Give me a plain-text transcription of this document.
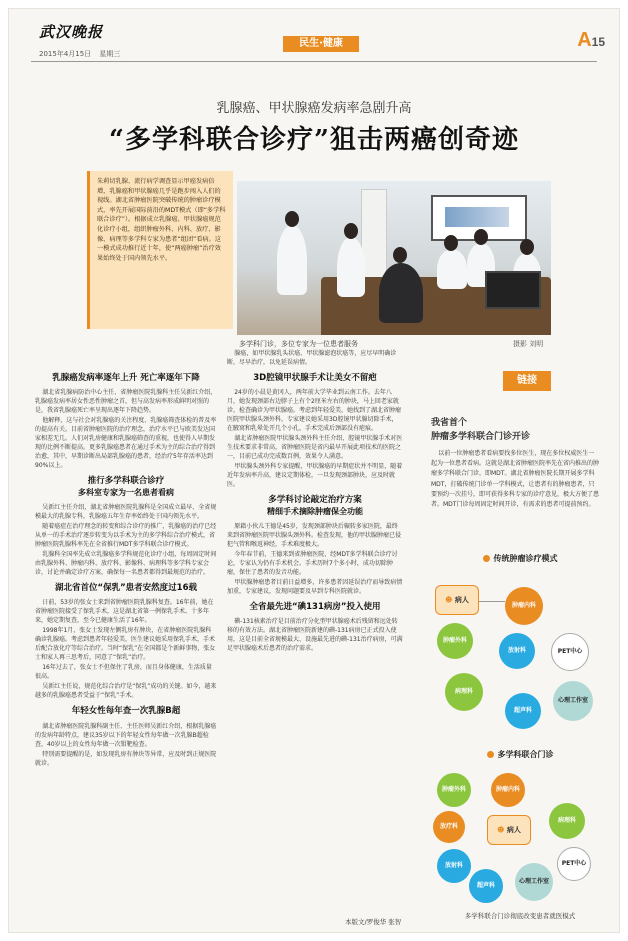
武汉晚报
2015年4月15日 星期三
民生·健康	A15
乳腺癌、甲状腺癌发病率急剧升高
“多学科联合诊疗”狙击两癌创奇迹
朱莉切乳腺、流行病学调查显示甲癌发病倍增，乳腺癌和甲状腺癌几乎是跑步闯入人们的视线。湖北省肿瘤医院突破传统的肿瘤诊疗模式，率先开展国际前沿的MDT模式（即“多学科联合诊疗”）。根据成立乳腺癌、甲状腺癌规范化诊疗小组，组织肿瘤外科、内科、放疗、影像、病理等多学科专家为患者“组团”看病。这一模式成功推行近十年，使“两癌肿瘤”治疗效果始终处于国内领先水平。
多学科门诊，多位专家为一位患者服务	摄影 刘明
乳腺癌发病率逐年上升 死亡率逐年下降

湖北省乳腺病防治中心主任、省肿瘤医院乳腺科主任吴新红介绍，乳腺癌发病率居女性恶性肿瘤之首，但与高发病率形成鲜明对照的是，我省乳腺癌死亡率呈现出逐年下降趋势。

他解释，这与社会对乳腺癌的关注程度、乳腺癌筛查体检的普及率的提高有关。目前省肿瘤医院的治疗理念，治疗水平已与欧美发达国家相差无几。人们对乳房健康和乳腺癌筛查的重视，也使得人早期发现的比例不断提高。更多乳腺癌患者在通过手术为主的综合治疗得到治愈，其中，早期诊断出局部乳腺癌的患者，经治疗5年存活率达到90%以上。

推行多学科联合诊疗
多科室专家为一名患者看病

吴新红主任介绍，湖北省肿瘤医院乳腺科是全国成立最早、全省规模最大的乳腺专科，乳腺癌五年生存率始终处于国内领先水平。

随着癌症在治疗理念的转变和综合诊疗的推广，乳腺癌的治疗已经从单一的手术治疗逐步转变为以手术为主的多学科综合治疗模式，省肿瘤医院乳腺科率先在全省推行MDT多学科联合诊疗模式。

乳腺科全国率先成立乳腺癌多学科规范化诊疗小组，每周固定时间由乳腺外科、肿瘤内科、放疗科、影像科、病理科等多学科专家会诊，讨论并确定诊疗方案，确保每一名患者都得到最规范的治疗。

湖北省首位“保乳”患者安然度过16载

日前，53岁的张女士来到省肿瘤医院乳腺科复查。16年前，她在省肿瘤医院接受了保乳手术，这是湖北省第一例保乳手术。十多年来，她定期复查，至今已健康生活了16年。

1998年1月，张女士发现左侧乳房有肿块，在省肿瘤医院乳腺科确诊乳腺癌。考虑到患者年轻爱美，医生建议她采用保乳手术，手术后配合放化疗等综合治疗。当时“保乳”在全国都是个新鲜事物，张女士和家人再三思考后，同意了“保乳”治疗。

16年过去了，张女士不但保住了乳房，而且身体健康，生活质量很高。

吴新红主任说，规范化综合治疗是“保乳”成功的关键。如今，越来越多的乳腺癌患者受益于“保乳”手术。

年轻女性每年查一次乳腺B超

湖北省肿瘤医院乳腺科副主任、主任医师吴新红介绍，根据乳腺癌的发病年龄特点，建议35岁以下的年轻女性每年做一次乳腺B超检查，40岁以上的女性每年做一次钼靶检查。

特别需要提醒的是，如发现乳房有肿块等异常，应及时到正规医院就诊。

腺癌，如甲状腺乳头状癌、甲状腺滤泡状癌等，应尽早明确诊断，尽早治疗，以免延误病情。

3D腔镜甲状腺手术让美女不留疤

24岁的小晨是黄冈人，两年前大学毕业到云南工作。去年八月，她发现颈部右边脖子上有个2厘米左右的肿块，马上回老家就诊，检查确诊为甲状腺癌。考虑到年轻爱美，她找到了湖北省肿瘤医院甲状腺头颈外科，专家建议她采用3D腔镜甲状腺切除手术，在腋窝和乳晕处开几个小孔，手术完成后颈部没有疤痕。

湖北省肿瘤医院甲状腺头颈外科主任介绍，腔镜甲状腺手术对医生技术要求非常高，省肿瘤医院是省内最早开展此项技术的医院之一，目前已成功完成数百例，效果令人满意。

甲状腺头颈外科专家提醒，甲状腺癌的早期症状并不明显，随着近年发病率升高，建议定期体检，一旦发现颈部肿块，应及时就医。

多学科讨论敲定治疗方案
精细手术摘除肿瘤保全功能

原籍小伙儿王德是45岁，发现颈部肿块后辗转多家医院，最终来到省肿瘤医院甲状腺头颈外科。检查发现，他的甲状腺肿瘤已侵犯气管和喉返神经，手术难度极大。

今年春节前，王德来到省肿瘤医院，经MDT多学科联合诊疗讨论，专家认为仍有手术机会。手术历时7个多小时，成功切除肿瘤，保住了患者的发音功能。

甲状腺肿瘤患者目前日益增多，许多患者因延误治疗而导致病情加重，专家建议，发现问题要及早到专科医院就诊。

全省最先进“碘131病房”投入使用

碘-131核素治疗是目前治疗分化型甲状腺癌术后残留和远处转移的有效方法。湖北省肿瘤医院新建的碘-131病房已正式投入使用，这是目前全省规模最大、设施最先进的碘-131治疗病房，可满足甲状腺癌术后患者的治疗需求。

本版文/罗俊华 张智
链接
我省首个
肿瘤多学科联合门诊开诊
以前一位肿瘤患者看病要找多位医生，现在多位权威医生一起为一位患者看病。这就是湖北省肿瘤医院率先在省内推出的肿瘤多学科联合门诊，即MDT。湖北省肿瘤医院长期开展多学科MDT，打破传统门诊单一学科模式，让患者有的肿瘤患者，只要预约一次挂号，即可获得多科专家的诊疗意见，极大方便了患者。MDT门诊每周固定时间开诊，有需求的患者可提前预约。
传统肿瘤诊疗模式
☻ 病人
肿瘤外科
肿瘤内科
放射科	PET中心
病理科
超声科
心理工作室
多学科联合门诊
肿瘤外科	肿瘤内科
放疗科
病理科
☻ 病人
放射科	PET中心
超声科
心理工作室
多学科联合门诊彻底改变患者就医模式
